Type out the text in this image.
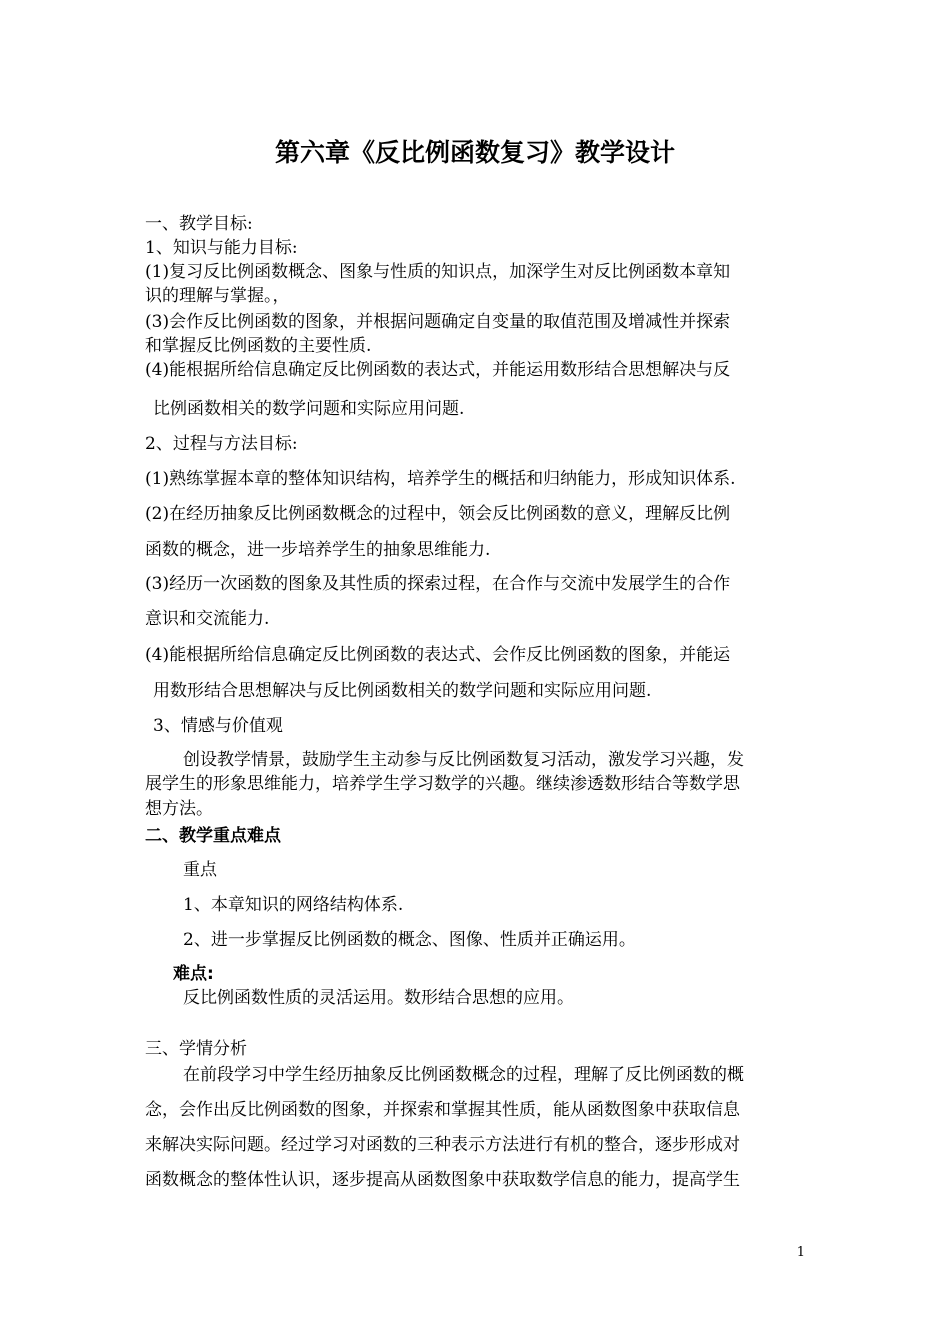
第六章《反比例函数复习》教学设计
一、教学目标:
1、知识与能力目标:
(1)复习反比例函数概念、图象与性质的知识点，加深学生对反比例函数本章知
识的理解与掌握。，
(3)会作反比例函数的图象，并根据问题确定自变量的取值范围及增减性并探索
和掌握反比例函数的主要性质.
(4)能根据所给信息确定反比例函数的表达式，并能运用数形结合思想解决与反
比例函数相关的数学问题和实际应用问题.
2、过程与方法目标:
(1)熟练掌握本章的整体知识结构，培养学生的概括和归纳能力，形成知识体系.
(2)在经历抽象反比例函数概念的过程中，领会反比例函数的意义，理解反比例
函数的概念，进一步培养学生的抽象思维能力.
(3)经历一次函数的图象及其性质的探索过程，在合作与交流中发展学生的合作
意识和交流能力.
(4)能根据所给信息确定反比例函数的表达式、会作反比例函数的图象，并能运
用数形结合思想解决与反比例函数相关的数学问题和实际应用问题.
3、情感与价值观
创设教学情景，鼓励学生主动参与反比例函数复习活动，激发学习兴趣，发
展学生的形象思维能力，培养学生学习数学的兴趣。继续渗透数形结合等数学思
想方法。
二、教学重点难点
重点
1、本章知识的网络结构体系.
2、进一步掌握反比例函数的概念、图像、性质并正确运用。
难点:
反比例函数性质的灵活运用。数形结合思想的应用。
三、学情分析
在前段学习中学生经历抽象反比例函数概念的过程，理解了反比例函数的概
念，会作出反比例函数的图象，并探索和掌握其性质，能从函数图象中获取信息
来解决实际问题。经过学习对函数的三种表示方法进行有机的整合，逐步形成对
函数概念的整体性认识，逐步提高从函数图象中获取数学信息的能力，提高学生
1
